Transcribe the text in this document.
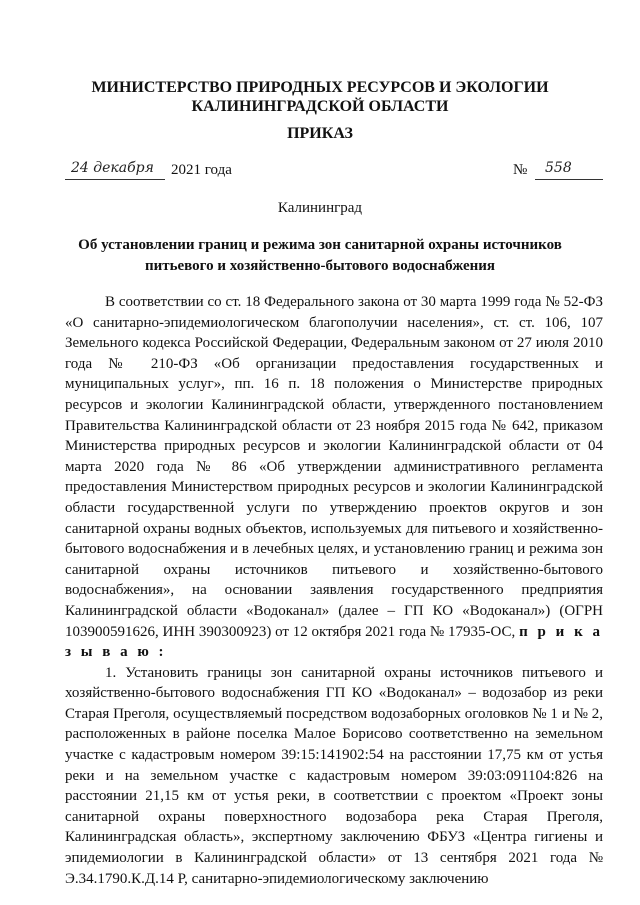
МИНИСТЕРСТВО ПРИРОДНЫХ РЕСУРСОВ И ЭКОЛОГИИ
КАЛИНИНГРАДСКОЙ ОБЛАСТИ
ПРИКАЗ
24 декабря	2021 года	№	558
Калининград
Об установлении границ и режима зон санитарной охраны источников
питьевого и хозяйственно-бытового водоснабжения

В соответствии со ст. 18 Федерального закона от 30 марта 1999 года № 52-ФЗ «О санитарно-эпидемиологическом благополучии населения», ст. ст. 106, 107 Земельного кодекса Российской Федерации, Федеральным законом от 27 июля 2010 года № 210-ФЗ «Об организации предоставления государственных и муниципальных услуг», пп. 16 п. 18 положения о Министерстве природных ресурсов и экологии Калининградской области, утвержденного постановлением Правительства Калининградской области от 23 ноября 2015 года № 642, приказом Министерства природных ресурсов и экологии Калининградской области от 04 марта 2020 года № 86 «Об утверждении административного регламента предоставления Министерством природных ресурсов и экологии Калининградской области государственной услуги по утверждению проектов округов и зон санитарной охраны водных объектов, используемых для питьевого и хозяйственно-бытового водоснабжения и в лечебных целях, и установлению границ и режима зон санитарной охраны источников питьевого и хозяйственно-бытового водоснабжения», на основании заявления государственного предприятия Калининградской области «Водоканал» (далее – ГП КО «Водоканал») (ОГРН 103900591626, ИНН 390300923) от 12 октября 2021 года № 17935-ОС, п р и к а з ы в а ю :

1. Установить границы зон санитарной охраны источников питьевого и хозяйственно-бытового водоснабжения ГП КО «Водоканал» – водозабор из реки Старая Преголя, осуществляемый посредством водозаборных оголовков № 1 и № 2, расположенных в районе поселка Малое Борисово соответственно на земельном участке с кадастровым номером 39:15:141902:54 на расстоянии 17,75 км от устья реки и на земельном участке с кадастровым номером 39:03:091104:826 на расстоянии 21,15 км от устья реки, в соответствии с проектом «Проект зоны санитарной охраны поверхностного водозабора река Старая Преголя, Калининградская область», экспертному заключению ФБУЗ «Центра гигиены и эпидемиологии в Калининградской области» от 13 сентября 2021 года № Э.34.1790.К.Д.14 Р, санитарно-эпидемиологическому заключению
